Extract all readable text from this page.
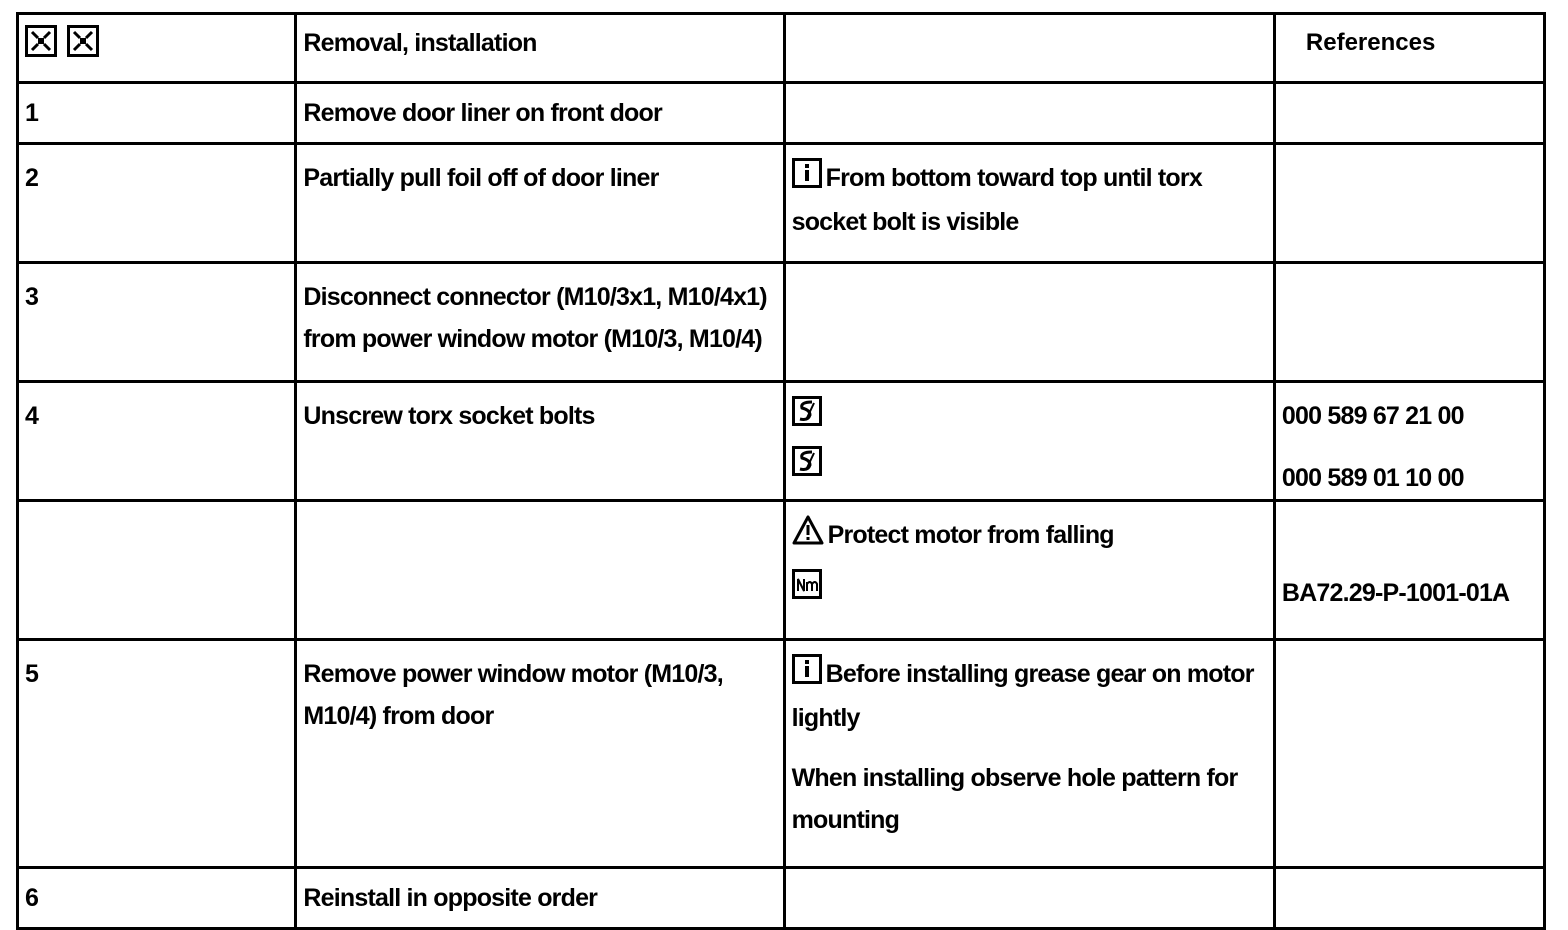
	Removal, installation		References
1	Remove door liner on front door		
2	Partially pull foil off of door liner	From bottom toward top until torx socket bolt is visible	
3	Disconnect connector (M10/3x1, M10/4x1) from power window motor (M10/3, M10/4)		
4	Unscrew torx socket bolts		000 589 67 21 00
000 589 01 10 00

		Protect motor from falling	BA72.29-P-1001-01A

5	Remove power window motor (M10/3, M10/4) from door	Before installing grease gear on motor lightly
When installing observe hole pattern for mounting	

6	Reinstall in opposite order		
